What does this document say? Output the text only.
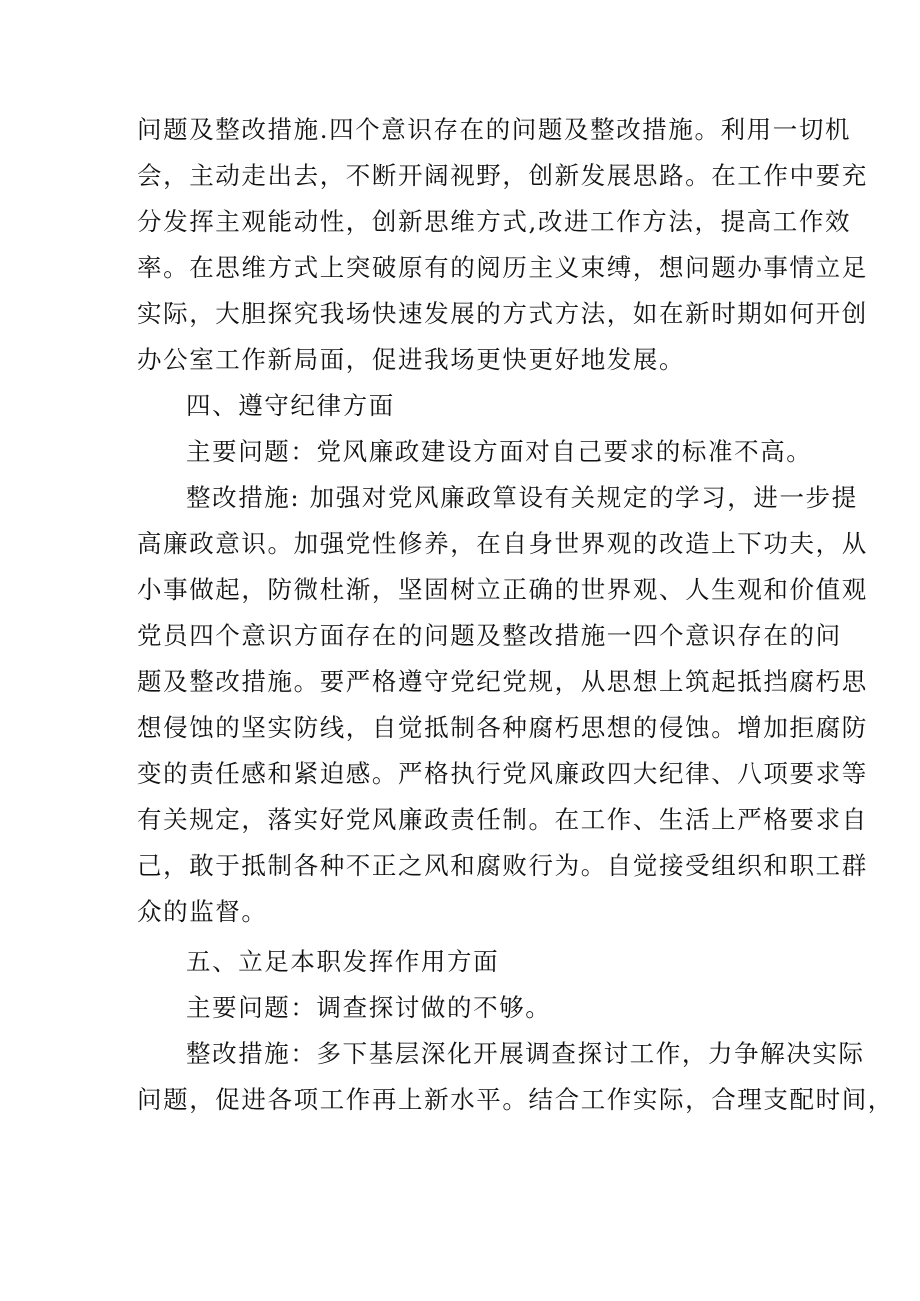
问题及整改措施.四个意识存在的问题及整改措施。利用一切机
会，主动走出去，不断开阔视野，创新发展思路。在工作中要充
分发挥主观能动性，创新思维方式,改进工作方法，提高工作效
率。在思维方式上突破原有的阅历主义束缚，想问题办事情立足
实际，大胆探究我场快速发展的方式方法，如在新时期如何开创
办公室工作新局面，促进我场更快更好地发展。
四、遵守纪律方面
主要问题：党风廉政建设方面对自己要求的标准不高。
整改措施: 加强对党风廉政筸设有关规定的学习，进一步提
高廉政意识。加强党性修养，在自身世界观的改造上下功夫，从
小事做起，防微杜渐，坚固树立正确的世界观、人生观和价值观
党员四个意识方面存在的问题及整改措施一四个意识存在的问
题及整改措施。要严格遵守党纪党规，从思想上筑起抵挡腐朽思
想侵蚀的坚实防线，自觉抵制各种腐朽思想的侵蚀。增加拒腐防
变的责任感和紧迫感。严格执行党风廉政四大纪律、八项要求等
有关规定，落实好党风廉政责任制。在工作、生活上严格要求自
己，敢于抵制各种不正之风和腐败行为。自觉接受组织和职工群
众的监督。
五、立足本职发挥作用方面
主要问题：调查探讨做的不够。
整改措施：多下基层深化开展调查探讨工作，力争解决实际
问题，促进各项工作再上新水平。结合工作实际，合理支配时间，
